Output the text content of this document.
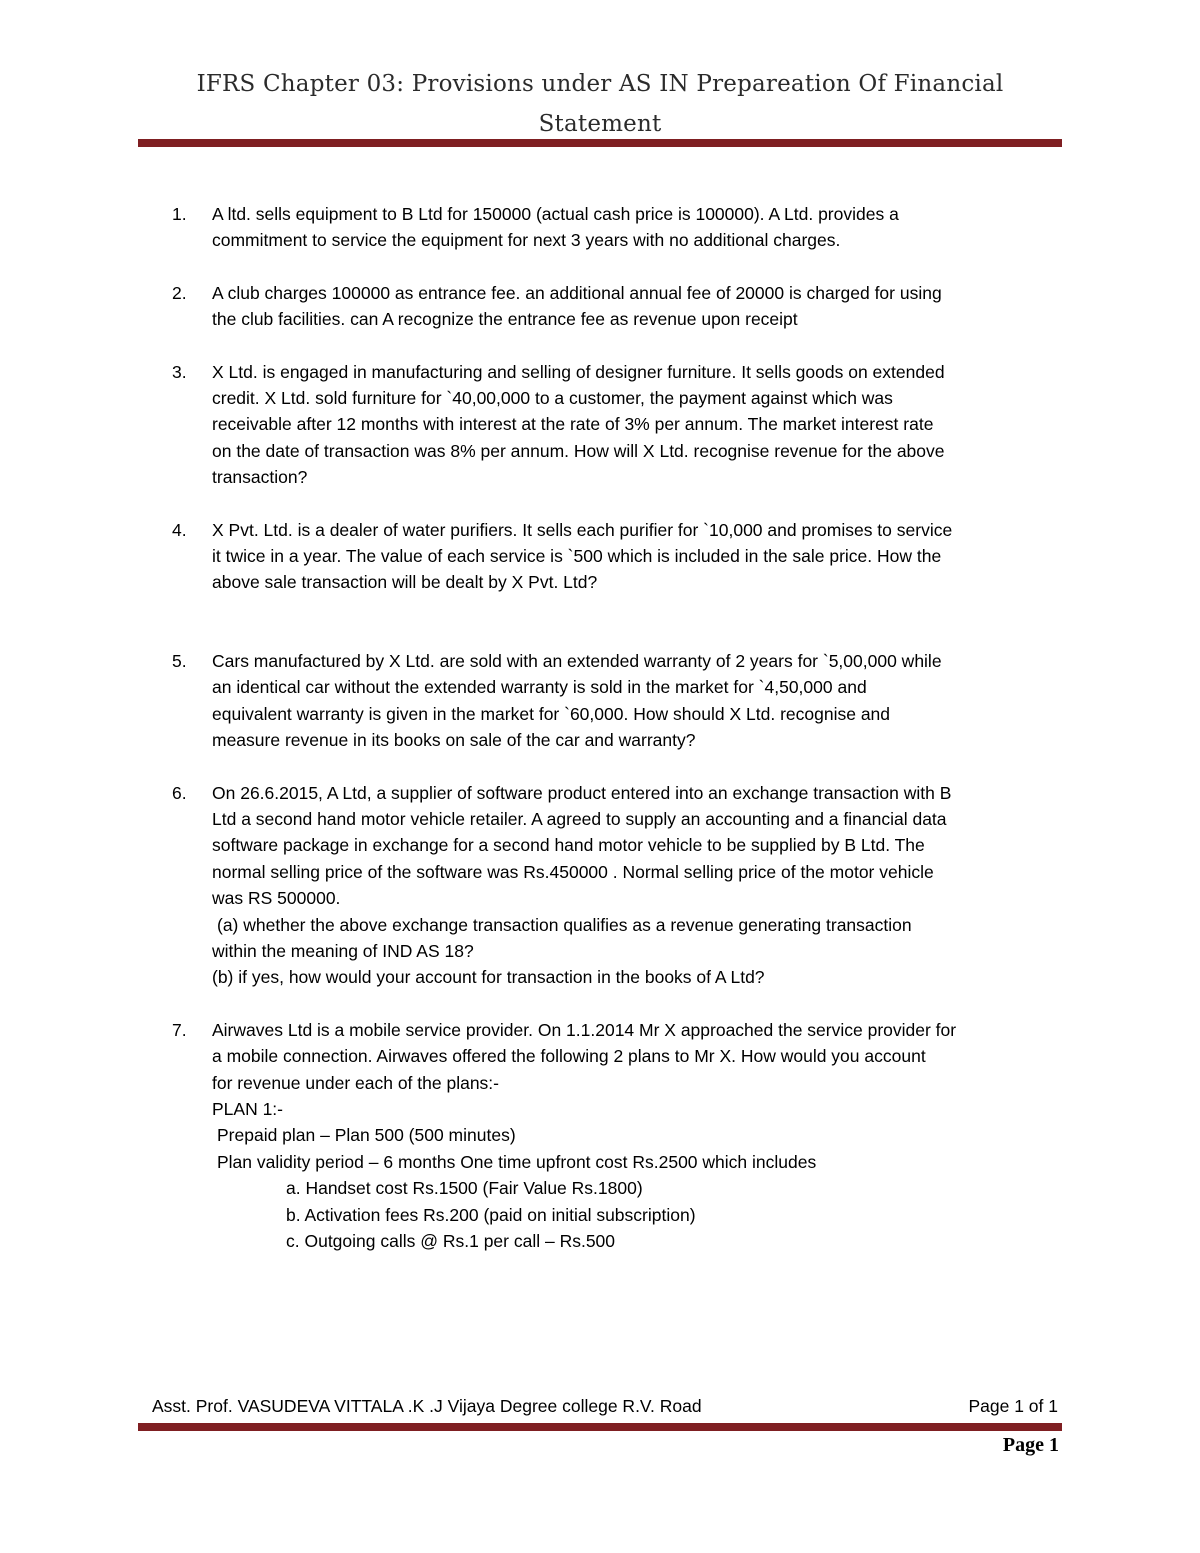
IFRS Chapter 03: Provisions under AS IN Prepareation Of Financial
Statement
1. A ltd. sells equipment to B Ltd for 150000 (actual cash price is 100000). A Ltd. provides a
commitment to service the equipment for next 3 years with no additional charges.
2. A club charges 100000 as entrance fee. an additional annual fee of 20000 is charged for using
the club facilities. can A recognize the entrance fee as revenue upon receipt
3. X Ltd. is engaged in manufacturing and selling of designer furniture. It sells goods on extended
credit. X Ltd. sold furniture for `40,00,000 to a customer, the payment against which was
receivable after 12 months with interest at the rate of 3% per annum. The market interest rate
on the date of transaction was 8% per annum. How will X Ltd. recognise revenue for the above
transaction?
4. X Pvt. Ltd. is a dealer of water purifiers. It sells each purifier for `10,000 and promises to service
it twice in a year. The value of each service is `500 which is included in the sale price. How the
above sale transaction will be dealt by X Pvt. Ltd?
5. Cars manufactured by X Ltd. are sold with an extended warranty of 2 years for `5,00,000 while
an identical car without the extended warranty is sold in the market for `4,50,000 and
equivalent warranty is given in the market for `60,000. How should X Ltd. recognise and
measure revenue in its books on sale of the car and warranty?
6. On 26.6.2015, A Ltd, a supplier of software product entered into an exchange transaction with B
Ltd a second hand motor vehicle retailer. A agreed to supply an accounting and a financial data
software package in exchange for a second hand motor vehicle to be supplied by B Ltd. The
normal selling price of the software was Rs.450000 . Normal selling price of the motor vehicle
was RS 500000.
(a) whether the above exchange transaction qualifies as a revenue generating transaction
within the meaning of IND AS 18?
(b) if yes, how would your account for transaction in the books of A Ltd?
7. Airwaves Ltd is a mobile service provider. On 1.1.2014 Mr X approached the service provider for
a mobile connection. Airwaves offered the following 2 plans to Mr X. How would you account
for revenue under each of the plans:-
PLAN 1:-
Prepaid plan – Plan 500 (500 minutes)
Plan validity period – 6 months One time upfront cost Rs.2500 which includes
a. Handset cost Rs.1500 (Fair Value Rs.1800)
b. Activation fees Rs.200 (paid on initial subscription)
c. Outgoing calls @ Rs.1 per call – Rs.500
Asst. Prof. VASUDEVA VITTALA .K .J Vijaya Degree college R.V. Road	Page 1 of 1
Page 1
